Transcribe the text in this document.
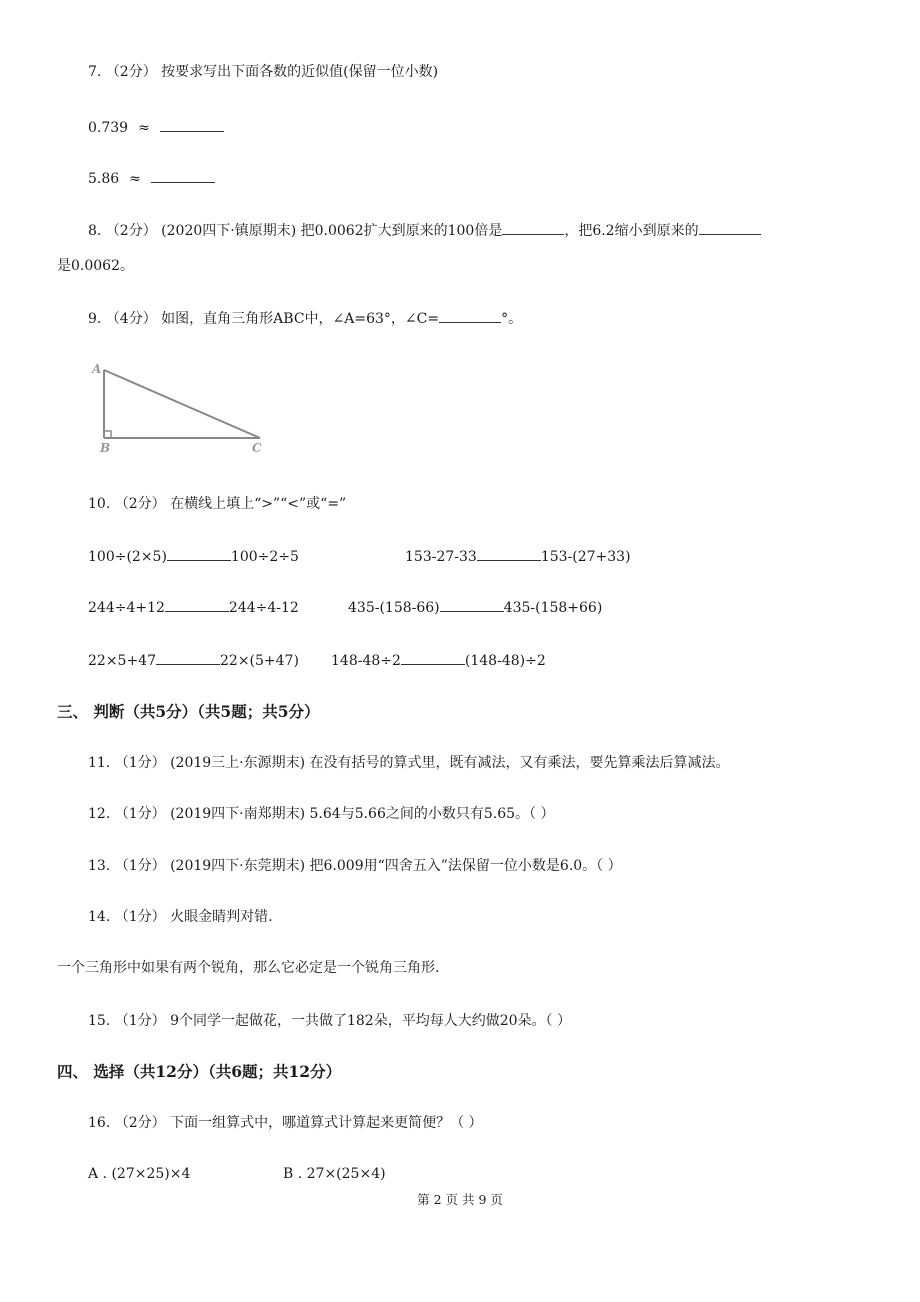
7. （2分） 按要求写出下面各数的近似值(保留一位小数)
0.739 ≈
5.86 ≈
8. （2分） (2020四下·镇原期末) 把0.0062扩大到原来的100倍是	，把6.2缩小到原来的
是0.0062。
9. （4分） 如图，直角三角形ABC中，∠A=63°，∠C=	°。
A
B	C
10. （2分） 在横线上填上“>”“<”或“=”
100÷(2×5)	100÷2÷5	153-27-33	153-(27+33)
244÷4+12	244÷4-12	435-(158-66)	435-(158+66)
22×5+47	22×(5+47) 148-48÷2	(148-48)÷2
三、 判断（共5分）（共5题；共5分）
11. （1分） (2019三上·东源期末) 在没有括号的算式里，既有减法，又有乘法，要先算乘法后算减法。
12. （1分） (2019四下·南郑期末) 5.64与5.66之间的小数只有5.65。（ ）
13. （1分） (2019四下·东莞期末) 把6.009用“四舍五入”法保留一位小数是6.0。（ ）
14. （1分） 火眼金睛判对错.
一个三角形中如果有两个锐角，那么它必定是一个锐角三角形.
15. （1分） 9个同学一起做花，一共做了182朵，平均每人大约做20朵。（ ）
四、 选择（共12分）（共6题；共12分）
16. （2分） 下面一组算式中，哪道算式计算起来更简便？（ ）
A . (27×25)×4	B . 27×(25×4)
第 2 页 共 9 页
